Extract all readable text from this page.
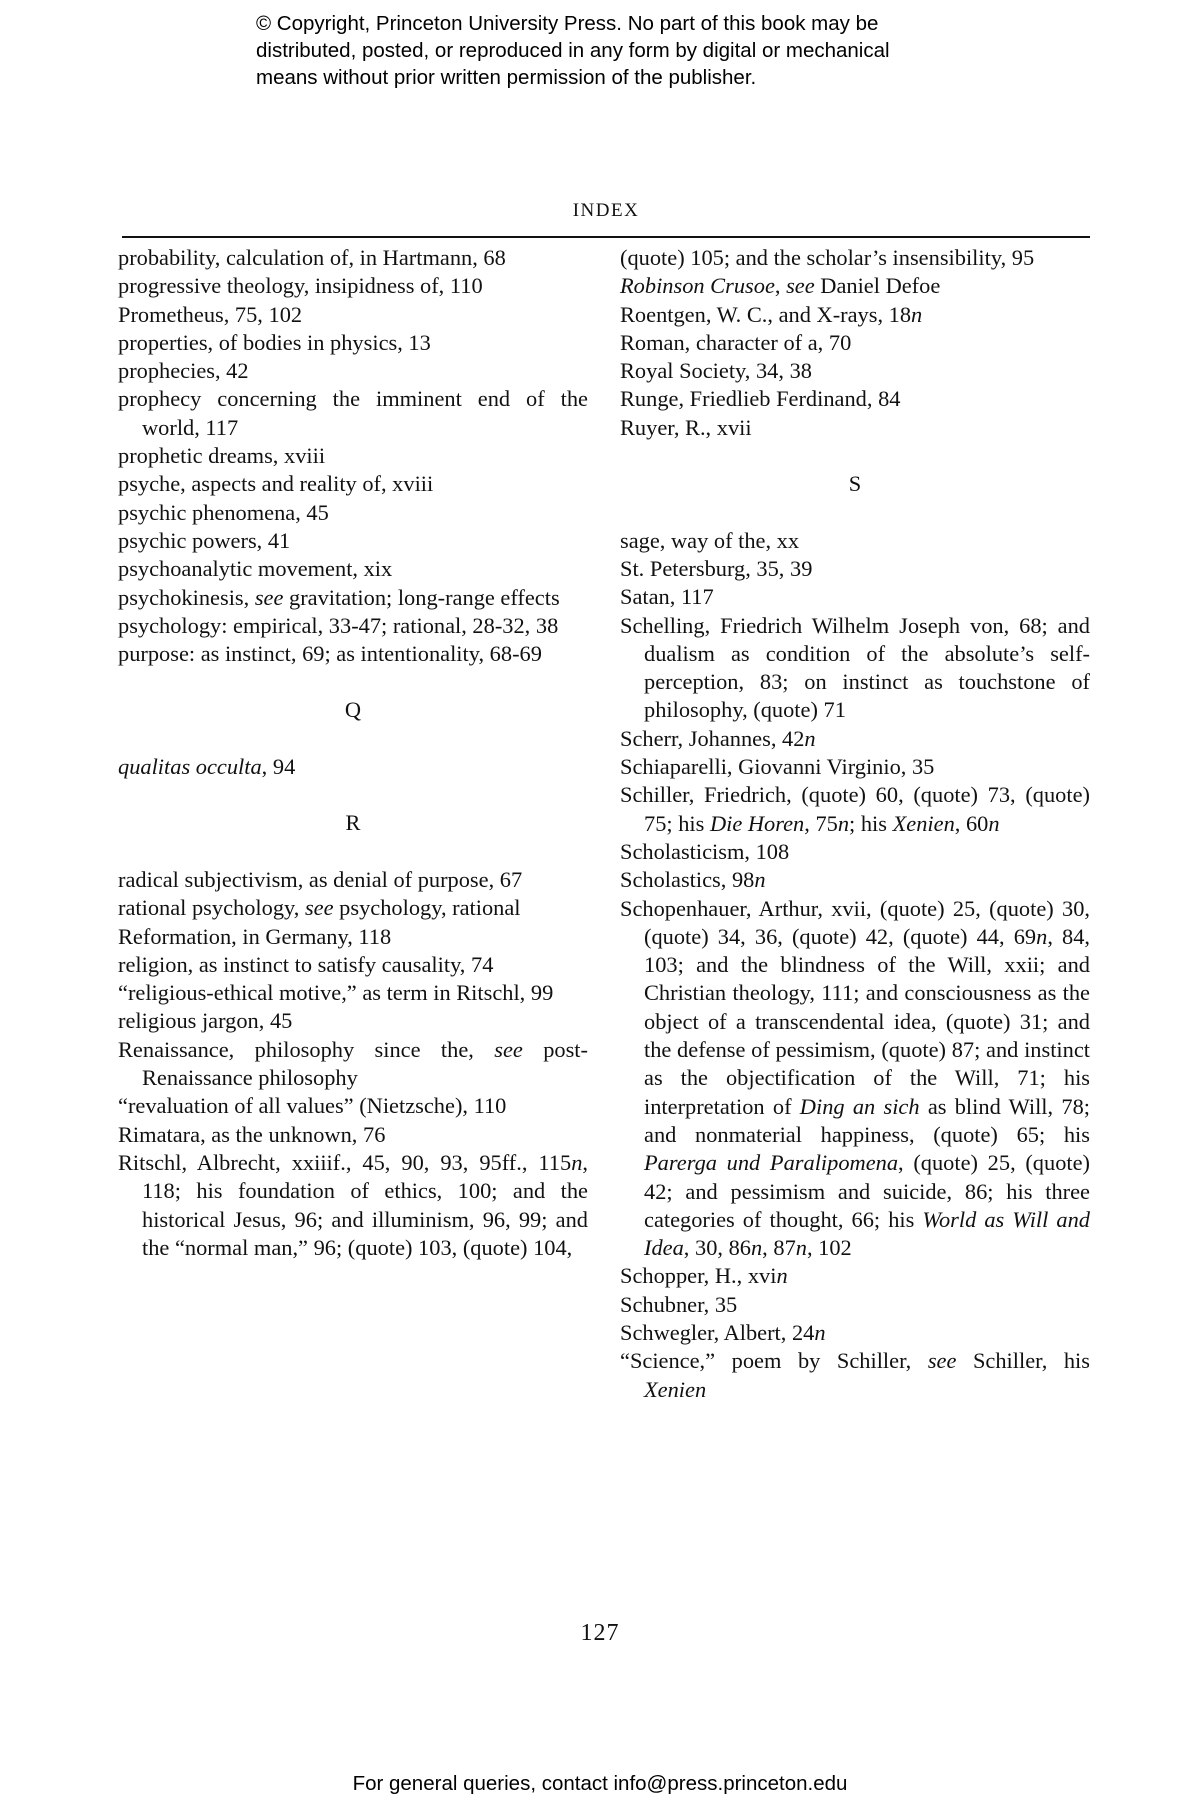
© Copyright, Princeton University Press. No part of this book may be
distributed, posted, or reproduced in any form by digital or mechanical
means without prior written permission of the publisher.
INDEX
probability, calculation of, in Hartmann, 68
progressive theology, insipidness of, 110
Prometheus, 75, 102
properties, of bodies in physics, 13
prophecies, 42
prophecy concerning the imminent end of the world, 117
prophetic dreams, xviii
psyche, aspects and reality of, xviii
psychic phenomena, 45
psychic powers, 41
psychoanalytic movement, xix
psychokinesis, see gravitation; long-range effects
psychology: empirical, 33-47; rational, 28-32, 38
purpose: as instinct, 69; as intentionality, 68-69
Q
qualitas occulta, 94
R
radical subjectivism, as denial of purpose, 67
rational psychology, see psychology, rational
Reformation, in Germany, 118
religion, as instinct to satisfy causality, 74
“religious-ethical motive,” as term in Ritschl, 99
religious jargon, 45
Renaissance, philosophy since the, see post-Renaissance philosophy
“revaluation of all values” (Nietzsche), 110
Rimatara, as the unknown, 76
Ritschl, Albrecht, xxiiif., 45, 90, 93, 95ff., 115n, 118; his foundation of ethics, 100; and the historical Jesus, 96; and illuminism, 96, 99; and the “normal man,” 96; (quote) 103, (quote) 104,
(quote) 105; and the scholar’s insensibility, 95
Robinson Crusoe, see Daniel Defoe
Roentgen, W. C., and X-rays, 18n
Roman, character of a, 70
Royal Society, 34, 38
Runge, Friedlieb Ferdinand, 84
Ruyer, R., xvii
S
sage, way of the, xx
St. Petersburg, 35, 39
Satan, 117
Schelling, Friedrich Wilhelm Joseph von, 68; and dualism as condition of the absolute’s self-perception, 83; on instinct as touchstone of philosophy, (quote) 71
Scherr, Johannes, 42n
Schiaparelli, Giovanni Virginio, 35
Schiller, Friedrich, (quote) 60, (quote) 73, (quote) 75; his Die Horen, 75n; his Xenien, 60n
Scholasticism, 108
Scholastics, 98n
Schopenhauer, Arthur, xvii, (quote) 25, (quote) 30, (quote) 34, 36, (quote) 42, (quote) 44, 69n, 84, 103; and the blindness of the Will, xxii; and Christian theology, 111; and consciousness as the object of a transcendental idea, (quote) 31; and the defense of pessimism, (quote) 87; and instinct as the objectification of the Will, 71; his interpretation of Ding an sich as blind Will, 78; and nonmaterial happiness, (quote) 65; his Parerga und Paralipomena, (quote) 25, (quote) 42; and pessimism and suicide, 86; his three categories of thought, 66; his World as Will and Idea, 30, 86n, 87n, 102
Schopper, H., xvin
Schubner, 35
Schwegler, Albert, 24n
“Science,” poem by Schiller, see Schiller, his Xenien
127
For general queries, contact info@press.princeton.edu
